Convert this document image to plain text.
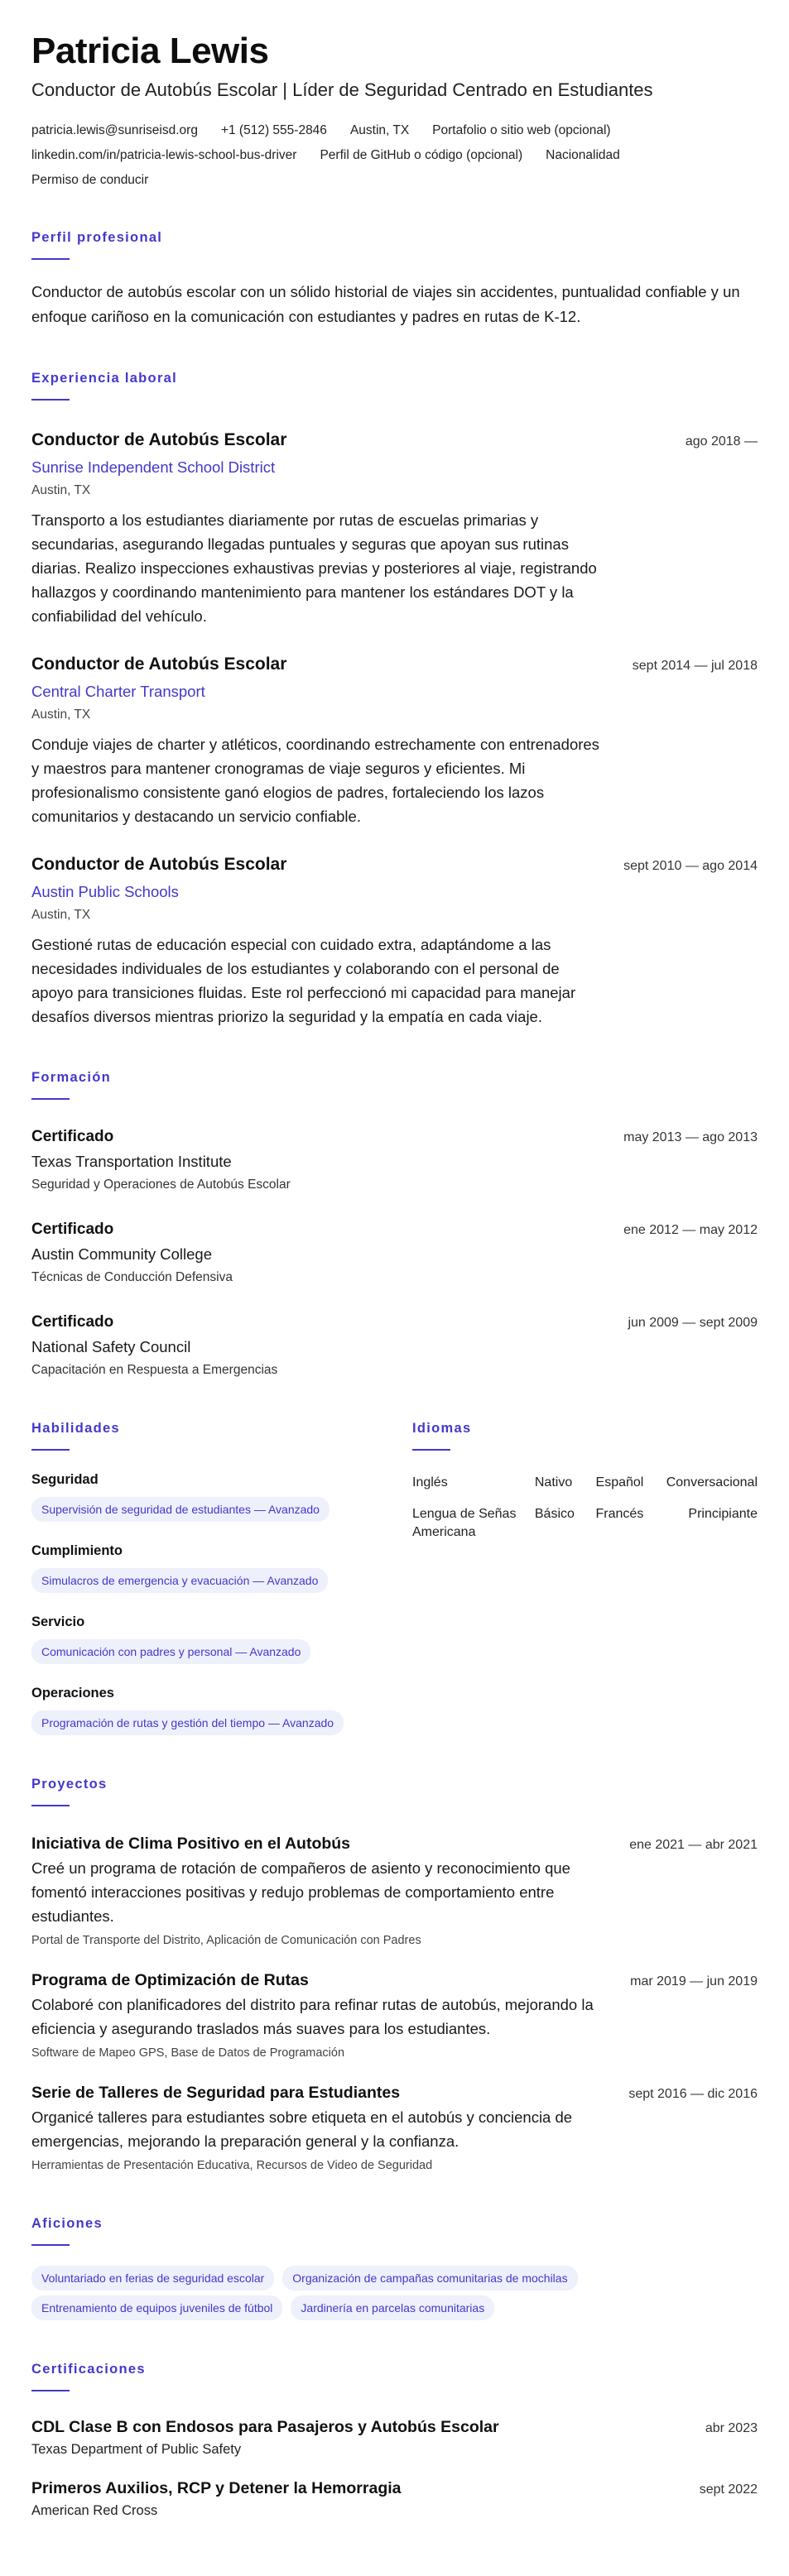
Patricia Lewis
Conductor de Autobús Escolar | Líder de Seguridad Centrado en Estudiantes
patricia.lewis@sunriseisd.org +1 (512) 555-2846 Austin, TX Portafolio o sitio web (opcional)
linkedin.com/in/patricia-lewis-school-bus-driver Perfil de GitHub o código (opcional) Nacionalidad
Permiso de conducir
Perfil profesional

Conductor de autobús escolar con un sólido historial de viajes sin accidentes, puntualidad confiable y un enfoque cariñoso en la comunicación con estudiantes y padres en rutas de K-12.

Experiencia laboral
Conductor de Autobús Escolar	ago 2018 —
Sunrise Independent School District
Austin, TX

Transporto a los estudiantes diariamente por rutas de escuelas primarias y secundarias, asegurando llegadas puntuales y seguras que apoyan sus rutinas diarias. Realizo inspecciones exhaustivas previas y posteriores al viaje, registrando hallazgos y coordinando mantenimiento para mantener los estándares DOT y la confiabilidad del vehículo.

Conductor de Autobús Escolar	sept 2014 — jul 2018
Central Charter Transport
Austin, TX

Conduje viajes de charter y atléticos, coordinando estrechamente con entrenadores y maestros para mantener cronogramas de viaje seguros y eficientes. Mi profesionalismo consistente ganó elogios de padres, fortaleciendo los lazos comunitarios y destacando un servicio confiable.

Conductor de Autobús Escolar	sept 2010 — ago 2014
Austin Public Schools
Austin, TX

Gestioné rutas de educación especial con cuidado extra, adaptándome a las necesidades individuales de los estudiantes y colaborando con el personal de apoyo para transiciones fluidas. Este rol perfeccionó mi capacidad para manejar desafíos diversos mientras priorizo la seguridad y la empatía en cada viaje.

Formación
Certificado	may 2013 — ago 2013
Texas Transportation Institute
Seguridad y Operaciones de Autobús Escolar
Certificado	ene 2012 — may 2012
Austin Community College
Técnicas de Conducción Defensiva
Certificado	jun 2009 — sept 2009
National Safety Council
Capacitación en Respuesta a Emergencias
Habilidades
Seguridad
Supervisión de seguridad de estudiantes — Avanzado
Cumplimiento
Simulacros de emergencia y evacuación — Avanzado
Servicio
Comunicación con padres y personal — Avanzado
Operaciones
Programación de rutas y gestión del tiempo — Avanzado
Idiomas
Inglés	Nativo	Español	Conversacional
Lengua de Señas Americana	Básico	Francés	Principiante
Proyectos
Iniciativa de Clima Positivo en el Autobús	ene 2021 — abr 2021

Creé un programa de rotación de compañeros de asiento y reconocimiento que fomentó interacciones positivas y redujo problemas de comportamiento entre estudiantes.

Portal de Transporte del Distrito, Aplicación de Comunicación con Padres
Programa de Optimización de Rutas	mar 2019 — jun 2019

Colaboré con planificadores del distrito para refinar rutas de autobús, mejorando la eficiencia y asegurando traslados más suaves para los estudiantes.

Software de Mapeo GPS, Base de Datos de Programación
Serie de Talleres de Seguridad para Estudiantes	sept 2016 — dic 2016

Organicé talleres para estudiantes sobre etiqueta en el autobús y conciencia de emergencias, mejorando la preparación general y la confianza.

Herramientas de Presentación Educativa, Recursos de Video de Seguridad
Aficiones
Voluntariado en ferias de seguridad escolar	Organización de campañas comunitarias de mochilas
Entrenamiento de equipos juveniles de fútbol	Jardinería en parcelas comunitarias
Certificaciones
CDL Clase B con Endosos para Pasajeros y Autobús Escolar	abr 2023
Texas Department of Public Safety
Primeros Auxilios, RCP y Detener la Hemorragia	sept 2022
American Red Cross
